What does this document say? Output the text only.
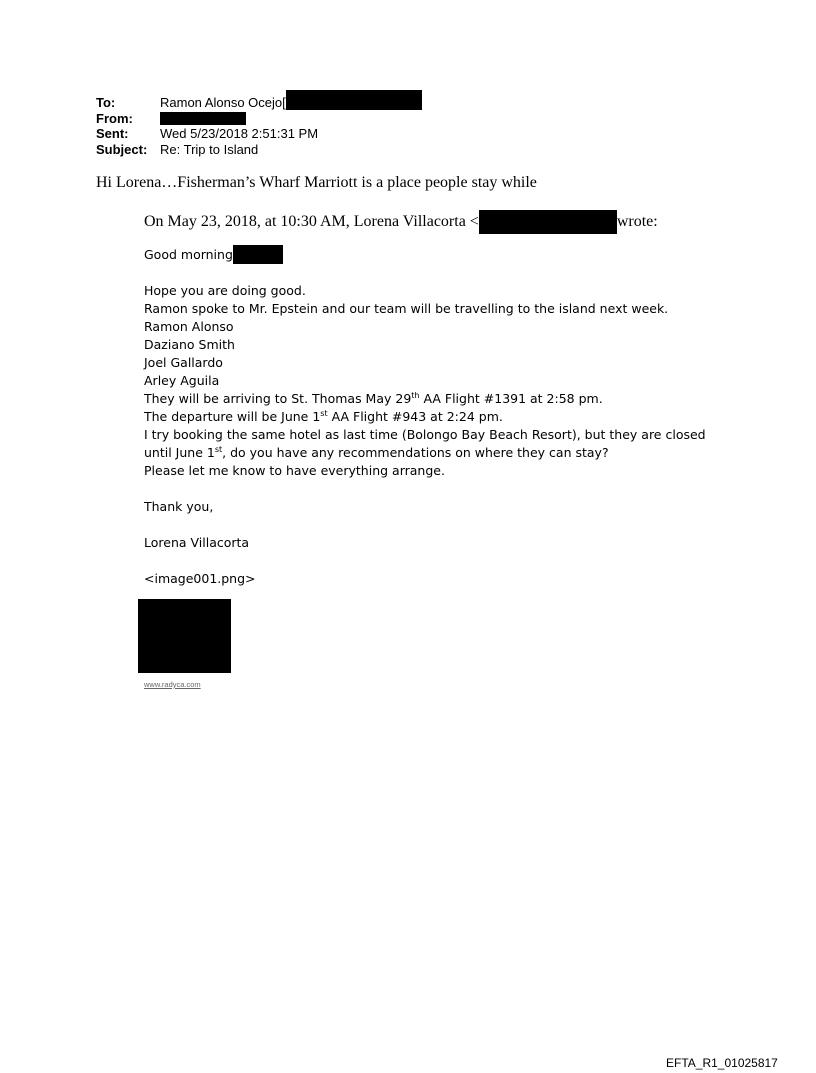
To:	Ramon Alonso Ocejo[
From:
Sent:	Wed 5/23/2018 2:51:31 PM
Subject: Re: Trip to Island
Hi Lorena…Fisherman’s Wharf Marriott is a place people stay while
On May 23, 2018, at 10:30 AM, Lorena Villacorta <	wrote:
Good morning
Hope you are doing good.
Ramon spoke to Mr. Epstein and our team will be travelling to the island next week.
Ramon Alonso
Daziano Smith
Joel Gallardo
Arley Aguila
They will be arriving to St. Thomas May 29th AA Flight #1391 at 2:58 pm.
The departure will be June 1st AA Flight #943 at 2:24 pm.
I try booking the same hotel as last time (Bolongo Bay Beach Resort), but they are closed
until June 1st, do you have any recommendations on where they can stay?
Please let me know to have everything arrange.
Thank you,
Lorena Villacorta
<image001.png>
www.radyca.com
EFTA_R1_01025817
